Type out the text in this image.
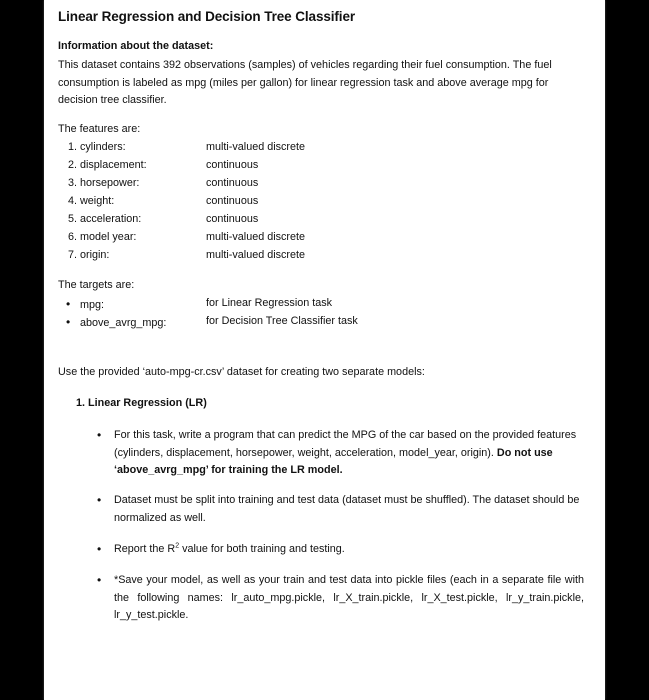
Linear Regression and Decision Tree Classifier
Information about the dataset:
This dataset contains 392 observations (samples) of vehicles regarding their fuel consumption. The fuel consumption is labeled as mpg (miles per gallon) for linear regression task and above average mpg for decision tree classifier.
The features are:
1. cylinders:	multi-valued discrete
2. displacement:	continuous
3. horsepower:	continuous
4. weight:	continuous
5. acceleration:	continuous
6. model year:	multi-valued discrete
7. origin:	multi-valued discrete
The targets are:
• mpg:	for Linear Regression task
• above_avrg_mpg:	for Decision Tree Classifier task
Use the provided ‘auto-mpg-cr.csv’ dataset for creating two separate models:
1. Linear Regression (LR)
• For this task, write a program that can predict the MPG of the car based on the provided features (cylinders, displacement, horsepower, weight, acceleration, model_year, origin). Do not use ‘above_avrg_mpg’ for training the LR model.
• Dataset must be split into training and test data (dataset must be shuffled). The dataset should be normalized as well.
• Report the $R^2$ value for both training and testing.
• *Save your model, as well as your train and test data into pickle files (each in a separate file with the following names: lr_auto_mpg.pickle, lr_X_train.pickle, lr_X_test.pickle, lr_y_train.pickle, lr_y_test.pickle.
